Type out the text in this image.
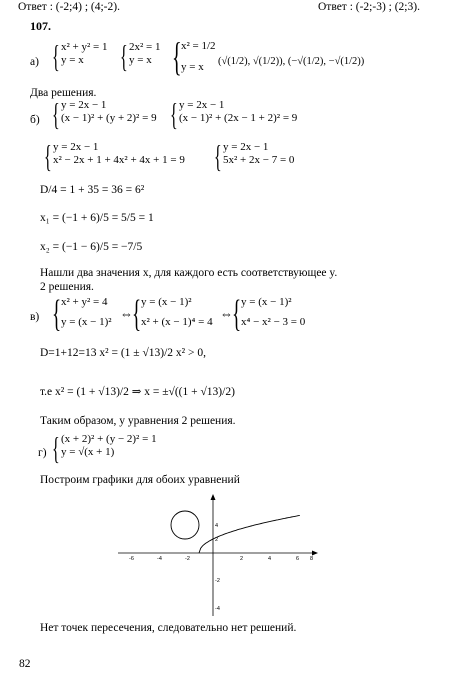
Ответ : (-2;4) ; (4;-2).	Ответ : (-2;-3) ; (2;3).
107.
а) { x² + y² = 1
y = x	{ 2x² = 1
y = x { x² = 1/2
y = x	(√(1/2), √(1/2)), (−√(1/2), −√(1/2))
Два решения.
б) { y = 2x − 1
(x − 1)² + (y + 2)² = 9 { y = 2x − 1
(x − 1)² + (2x − 1 + 2)² = 9
{ y = 2x − 1
x² − 2x + 1 + 4x² + 4x + 1 = 9 { y = 2x − 1
5x² + 2x − 7 = 0
D/4 = 1 + 35 = 36 = 6²
x₁ = (−1 + 6)/5 = 5/5 = 1
x₂ = (−1 − 6)/5 = −7/5
Нашли два значения x, для каждого есть соответствующее y.
2 решения.
в) { x² + y² = 4
y = (x − 1)²
⇔ { y = (x − 1)²
x² + (x − 1)⁴ = 4
⇔ { y = (x − 1)²
x⁴ − x² − 3 = 0
D=1+12=13 x² = (1 ± √13)/2 x² > 0,
т.е x² = (1 + √13)/2 ⇒ x = ±√((1 + √13)/2)
Таким образом, у уравнения 2 решения.
г) { (x + 2)² + (y − 2)² = 1
y = √(x + 1)
Построим графики для обоих уравнений
-6	-4	-2	2	4	6 8
4
2
-2
-4
Нет точек пересечения, следовательно нет решений.
82
